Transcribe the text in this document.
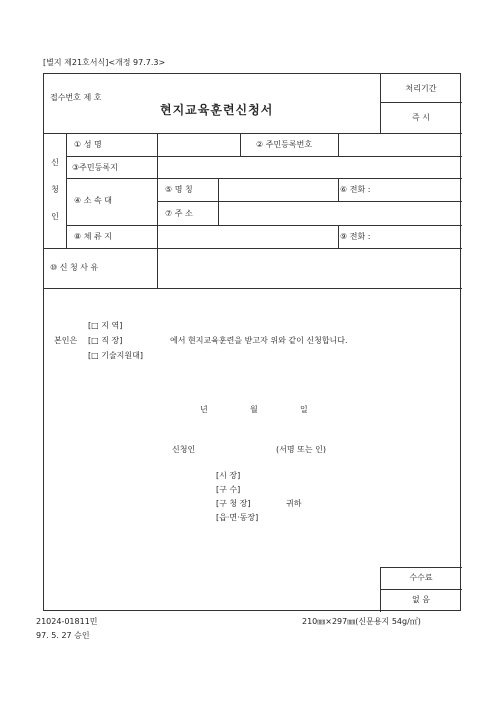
[별지 제21호서식]<개정 97.7.3>
접수번호 제 호
현지교육훈련신청서
처리기간
즉 시
신
청
인
① 성 명	② 주민등록번호
③주민등록지
④ 소 속 대
⑤ 명 칭	⑥ 전화 :
⑦ 주 소
⑧ 체 류 지	⑨ 전화 :
⑩ 신 청 사 유
[□ 지 역]
본인은 [□ 직 장]	에서 현지교육훈련을 받고자 위와 같이 신청합니다.
[□ 기술지원대]
년	월	일
신청인	(서명 또는 인)
[시 장]
[구 수]
[구 청 장]	귀하
[읍·면·동장]
수수료
없 음
21024-01811민
97. 5. 27 승인
210㎜×297㎜(신문용지 54g/㎡)
